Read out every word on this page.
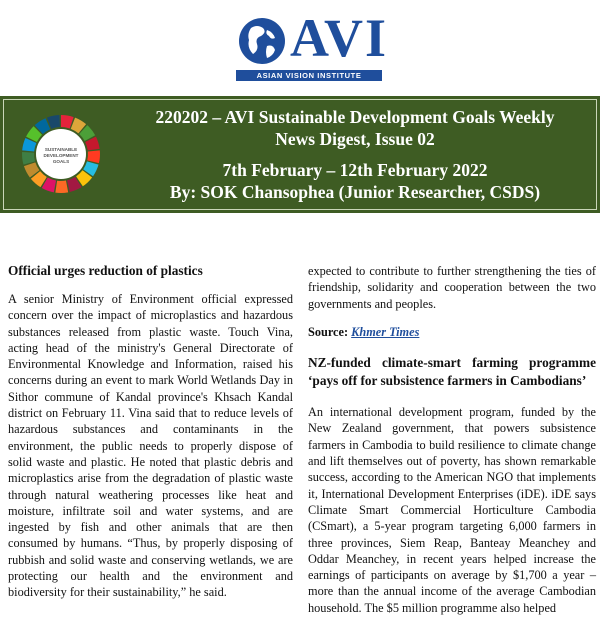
AVI
ASIAN VISION INSTITUTE
SUSTAINABLE
DEVELOPMENT
GOALS
220202 – AVI Sustainable Development Goals Weekly
News Digest, Issue 02
7th February – 12th February 2022
By: SOK Chansophea (Junior Researcher, CSDS)
Official urges reduction of plastics

A senior Ministry of Environment official expressed concern over the impact of microplastics and hazardous substances released from plastic waste. Touch Vina, acting head of the ministry's General Directorate of Environmental Knowledge and Information, raised his concerns during an event to mark World Wetlands Day in Sithor commune of Kandal province's Khsach Kandal district on February 11. Vina said that to reduce levels of hazardous substances and contaminants in the environment, the public needs to properly dispose of solid waste and plastic. He noted that plastic debris and microplastics arise from the degradation of plastic waste through natural weathering processes like heat and moisture, infiltrate soil and water systems, and are ingested by fish and other animals that are then consumed by humans. “Thus, by properly disposing of rubbish and solid waste and conserving wetlands, we are protecting our health and the environment and biodiversity for their sustainability,” he said.

expected to contribute to further strengthening the ties of friendship, solidarity and cooperation between the two governments and peoples.

Source: Khmer Times
NZ-funded climate-smart farming programme ‘pays off for subsistence farmers in Cambodians’

An international development program, funded by the New Zealand government, that powers subsistence farmers in Cambodia to build resilience to climate change and lift themselves out of poverty, has shown remarkable success, according to the American NGO that implements it, International Development Enterprises (iDE). iDE says Climate Smart Commercial Horticulture Cambodia (CSmart), a 5-year program targeting 6,000 farmers in three provinces, Siem Reap, Banteay Meanchey and Oddar Meanchey, in recent years helped increase the earnings of participants on average by $1,700 a year – more than the annual income of the average Cambodian household. The $5 million programme also helped
